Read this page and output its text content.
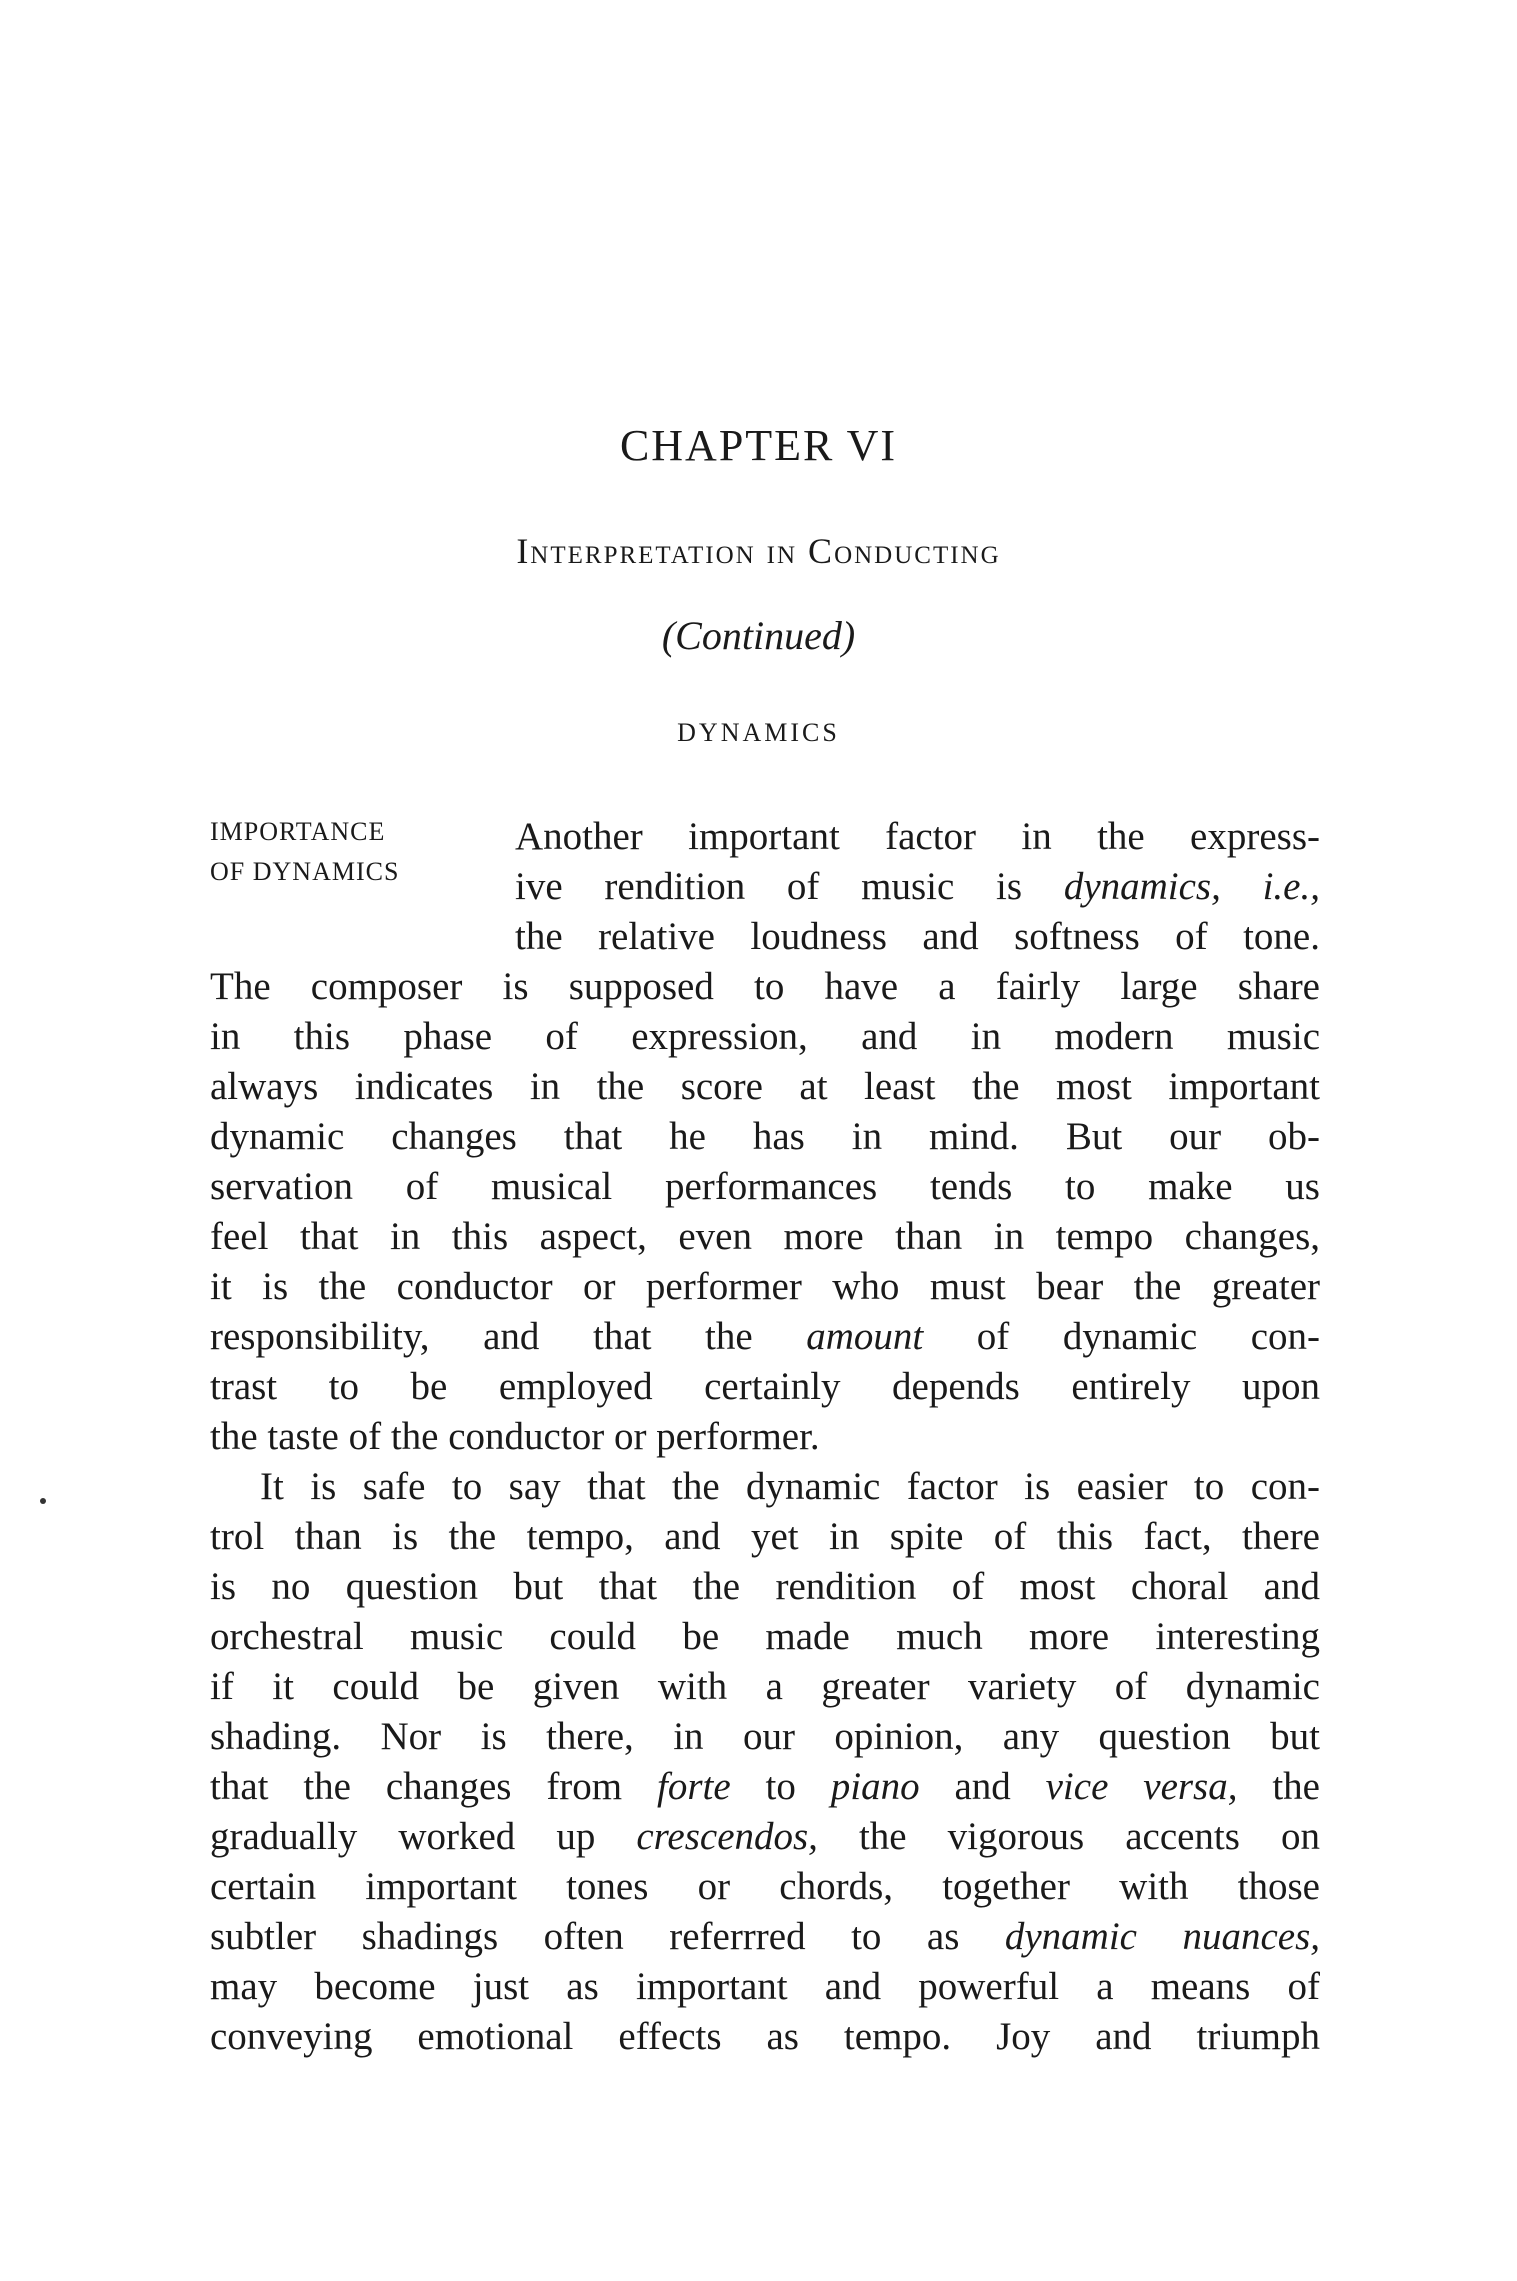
CHAPTER VI
Interpretation in Conducting
(Continued)
DYNAMICS
IMPORTANCE
OF DYNAMICS

Another important factor in the express-
ive rendition of music is dynamics, i.e.,
the relative loudness and softness of tone.
The composer is supposed to have a fairly large share
in this phase of expression, and in modern music
always indicates in the score at least the most important
dynamic changes that he has in mind. But our ob-
servation of musical performances tends to make us
feel that in this aspect, even more than in tempo changes,
it is the conductor or performer who must bear the greater
responsibility, and that the amount of dynamic con-
trast to be employed certainly depends entirely upon
the taste of the conductor or performer.

It is safe to say that the dynamic factor is easier to con-
trol than is the tempo, and yet in spite of this fact, there
is no question but that the rendition of most choral and
orchestral music could be made much more interesting
if it could be given with a greater variety of dynamic
shading. Nor is there, in our opinion, any question but
that the changes from forte to piano and vice versa, the
gradually worked up crescendos, the vigorous accents on
certain important tones or chords, together with those
subtler shadings often referrred to as dynamic nuances,
may become just as important and powerful a means of
conveying emotional effects as tempo. Joy and triumph
